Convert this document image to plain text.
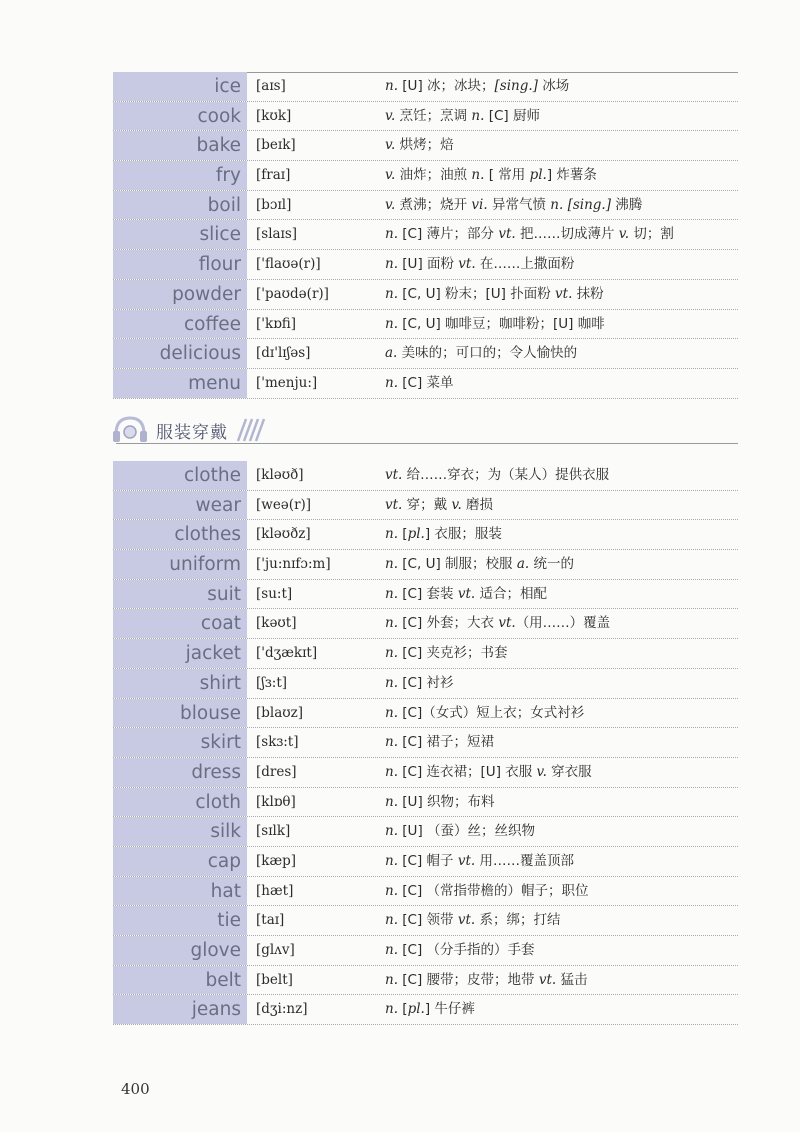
ice	[aɪs]	n. [U] 冰；冰块；[sing.] 冰场
cook	[kʊk]	v. 烹饪；烹调 n. [C] 厨师
bake	[beɪk]	v. 烘烤；焙
fry	[fraɪ]	v. 油炸；油煎 n. [ 常用 pl.] 炸薯条
boil	[bɔɪl]	v. 煮沸；烧开 vi. 异常气愤 n. [sing.] 沸腾
slice	[slaɪs]	n. [C] 薄片；部分 vt. 把……切成薄片 v. 切；割
flour	['flaʊə(r)]	n. [U] 面粉 vt. 在……上撒面粉
powder	['paʊdə(r)]	n. [C, U] 粉末；[U] 扑面粉 vt. 抹粉
coffee	['kɒfi]	n. [C, U] 咖啡豆；咖啡粉；[U] 咖啡
delicious	[dɪ'lɪʃəs]	a. 美味的；可口的；令人愉快的
menu	['menju:]	n. [C] 菜单
服装穿戴
clothe	[kləʊð]	vt. 给……穿衣；为（某人）提供衣服
wear	[weə(r)]	vt. 穿；戴 v. 磨损
clothes	[kləʊðz]	n. [pl.] 衣服；服装
uniform	['ju:nɪfɔ:m]	n. [C, U] 制服；校服 a. 统一的
suit	[su:t]	n. [C] 套装 vt. 适合；相配
coat	[kəʊt]	n. [C] 外套；大衣 vt.（用……）覆盖
jacket	['dʒækɪt]	n. [C] 夹克衫；书套
shirt	[ʃɜ:t]	n. [C] 衬衫
blouse	[blaʊz]	n. [C]（女式）短上衣；女式衬衫
skirt	[skɜ:t]	n. [C] 裙子；短裙
dress	[dres]	n. [C] 连衣裙；[U] 衣服 v. 穿衣服
cloth	[klɒθ]	n. [U] 织物；布料
silk	[sɪlk]	n. [U] （蚕）丝；丝织物
cap	[kæp]	n. [C] 帽子 vt. 用……覆盖顶部
hat	[hæt]	n. [C] （常指带檐的）帽子；职位
tie	[taɪ]	n. [C] 领带 vt. 系；绑；打结
glove	[glʌv]	n. [C] （分手指的）手套
belt	[belt]	n. [C] 腰带；皮带；地带 vt. 猛击
jeans	[dʒi:nz]	n. [pl.] 牛仔裤
400
